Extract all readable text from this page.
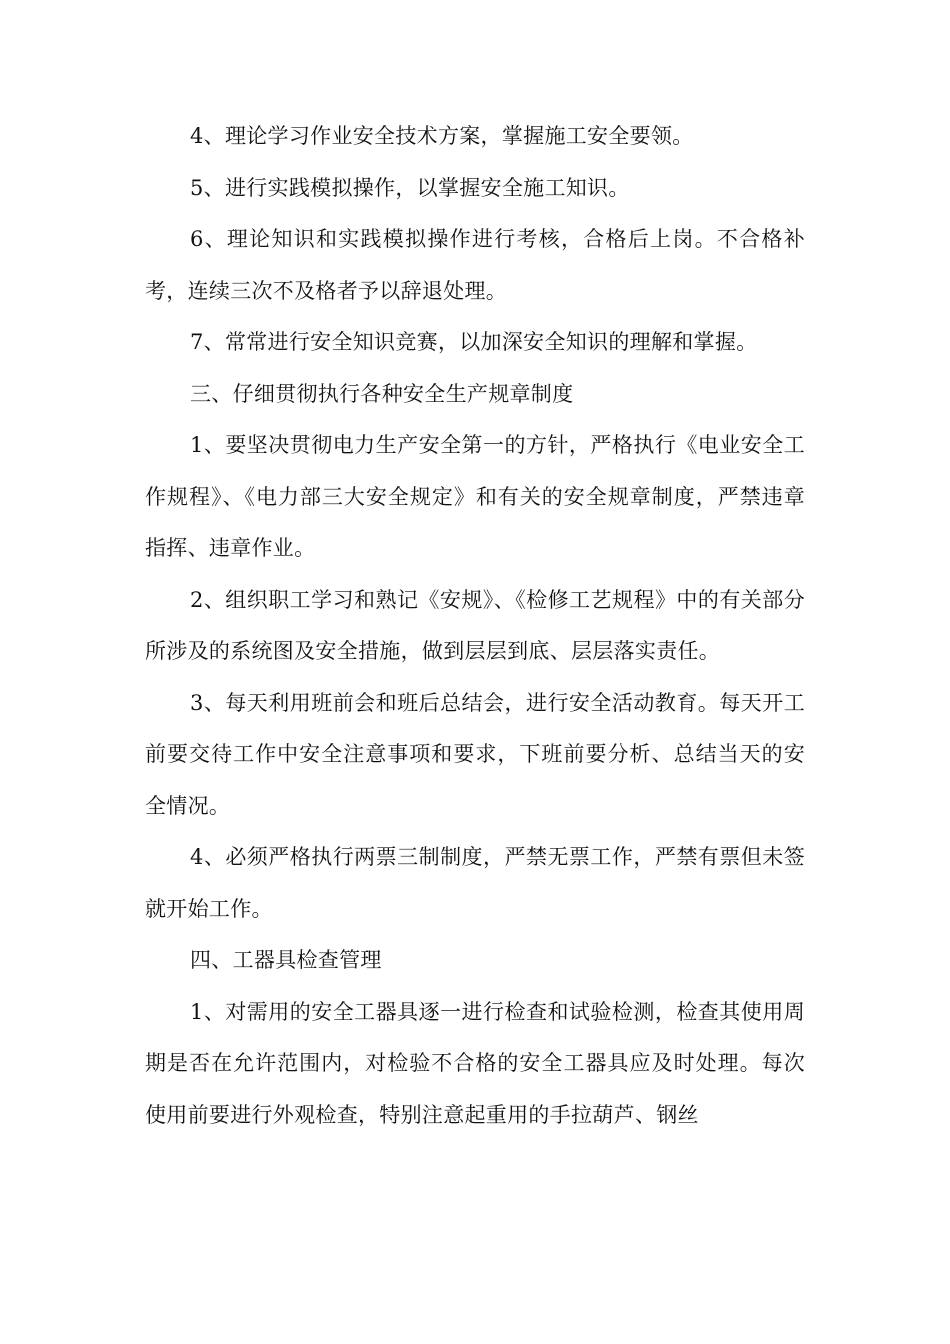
4、理论学习作业安全技术方案，掌握施工安全要领。

5、进行实践模拟操作，以掌握安全施工知识。

6、理论知识和实践模拟操作进行考核，合格后上岗。不合格补考，连续三次不及格者予以辞退处理。

7、常常进行安全知识竞赛，以加深安全知识的理解和掌握。

三、仔细贯彻执行各种安全生产规章制度

1、要坚决贯彻电力生产安全第一的方针，严格执行《电业安全工作规程》、《电力部三大安全规定》和有关的安全规章制度，严禁违章指挥、违章作业。

2、组织职工学习和熟记《安规》、《检修工艺规程》中的有关部分所涉及的系统图及安全措施，做到层层到底、层层落实责任。

3、每天利用班前会和班后总结会，进行安全活动教育。每天开工前要交待工作中安全注意事项和要求，下班前要分析、总结当天的安全情况。

4、必须严格执行两票三制制度，严禁无票工作，严禁有票但未签就开始工作。

四、工器具检查管理

1、对需用的安全工器具逐一进行检查和试验检测，检查其使用周期是否在允许范围内，对检验不合格的安全工器具应及时处理。每次使用前要进行外观检查，特别注意起重用的手拉葫芦、钢丝
